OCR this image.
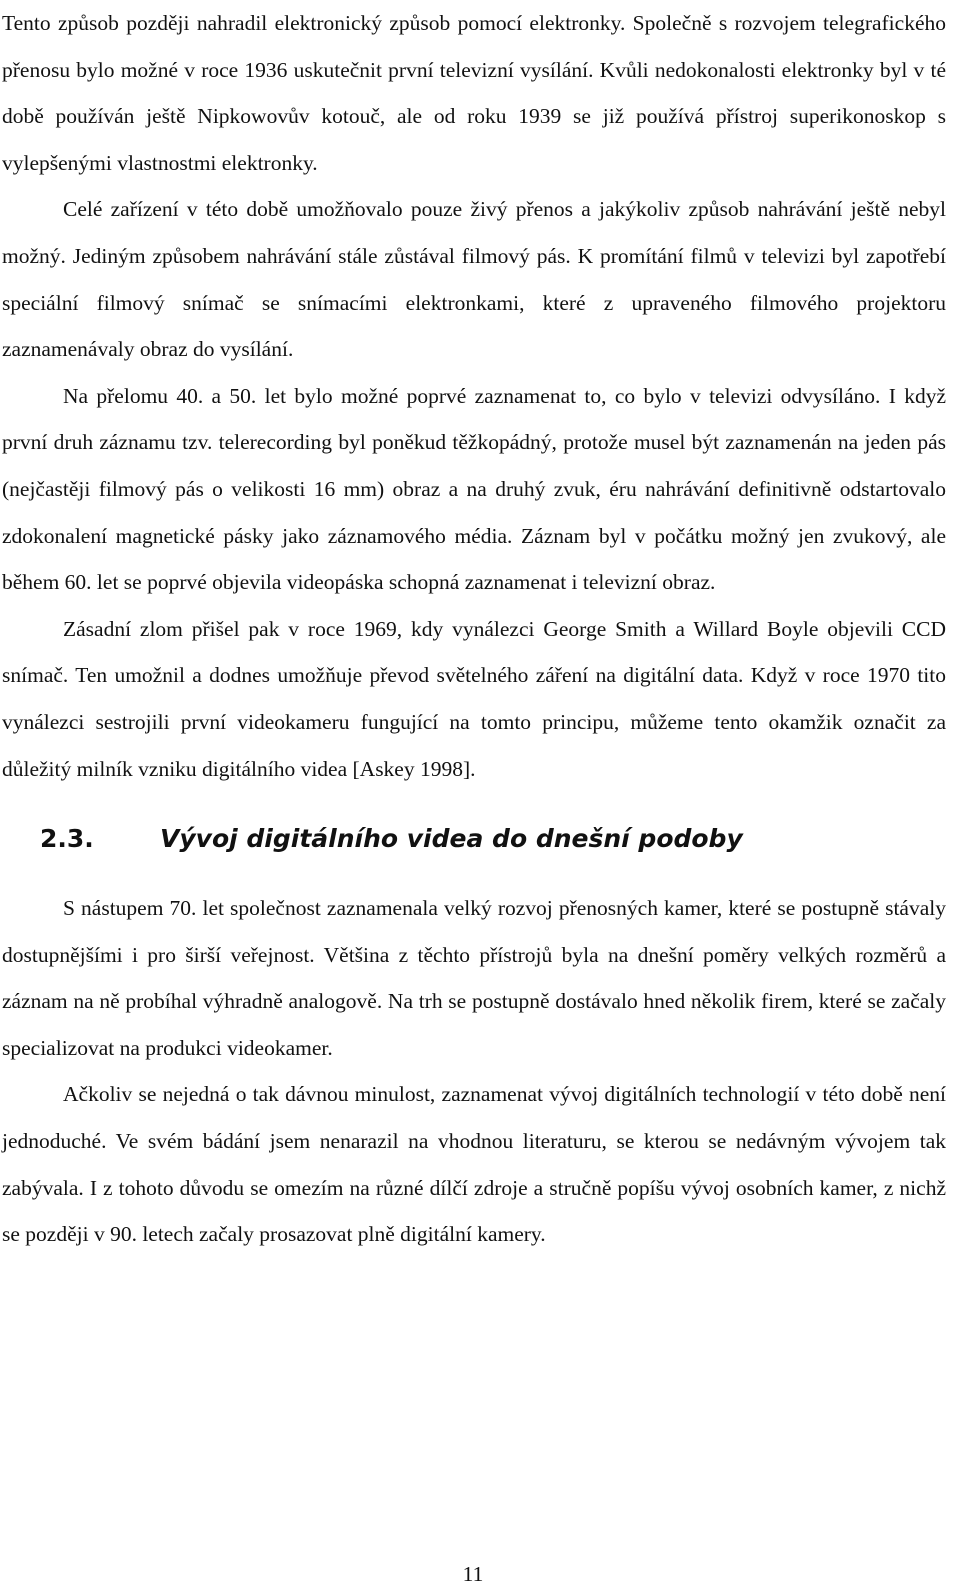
Tento způsob později nahradil elektronický způsob pomocí elektronky. Společně s rozvojem telegrafického přenosu bylo možné v roce 1936 uskutečnit první televizní vysílání. Kvůli nedokonalosti elektronky byl v té době používán ještě Nipkowovův kotouč, ale od roku 1939 se již používá přístroj superikonoskop s vylepšenými vlastnostmi elektronky.

Celé zařízení v této době umožňovalo pouze živý přenos a jakýkoliv způsob nahrávání ještě nebyl možný. Jediným způsobem nahrávání stále zůstával filmový pás. K promítání filmů v televizi byl zapotřebí speciální filmový snímač se snímacími elektronkami, které z upraveného filmového projektoru zaznamenávaly obraz do vysílání.

Na přelomu 40. a 50. let bylo možné poprvé zaznamenat to, co bylo v televizi odvysíláno. I když první druh záznamu tzv. telerecording byl poněkud těžkopádný, protože musel být zaznamenán na jeden pás (nejčastěji filmový pás o velikosti 16 mm) obraz a na druhý zvuk, éru nahrávání definitivně odstartovalo zdokonalení magnetické pásky jako záznamového média. Záznam byl v počátku možný jen zvukový, ale během 60. let se poprvé objevila videopáska schopná zaznamenat i televizní obraz.

Zásadní zlom přišel pak v roce 1969, kdy vynálezci George Smith a Willard Boyle objevili CCD snímač. Ten umožnil a dodnes umožňuje převod světelného záření na digitální data. Když v roce 1970 tito vynálezci sestrojili první videokameru fungující na tomto principu, můžeme tento okamžik označit za důležitý milník vzniku digitálního videa [Askey 1998].

2.3.	Vývoj digitálního videa do dnešní podoby

S nástupem 70. let společnost zaznamenala velký rozvoj přenosných kamer, které se postupně stávaly dostupnějšími i pro širší veřejnost. Většina z těchto přístrojů byla na dnešní poměry velkých rozměrů a záznam na ně probíhal výhradně analogově. Na trh se postupně dostávalo hned několik firem, které se začaly specializovat na produkci videokamer.

Ačkoliv se nejedná o tak dávnou minulost, zaznamenat vývoj digitálních technologií v této době není jednoduché. Ve svém bádání jsem nenarazil na vhodnou literaturu, se kterou se nedávným vývojem tak zabývala. I z tohoto důvodu se omezím na různé dílčí zdroje a stručně popíšu vývoj osobních kamer, z nichž se později v 90. letech začaly prosazovat plně digitální kamery.

11
